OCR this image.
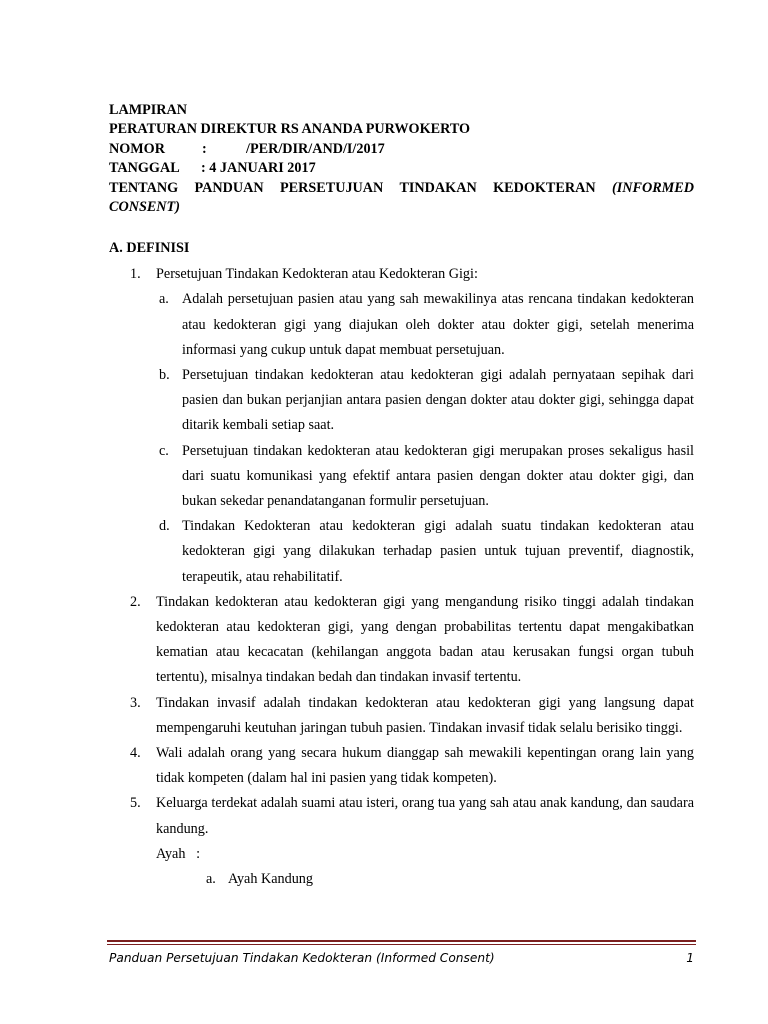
LAMPIRAN
PERATURAN DIREKTUR RS ANANDA PURWOKERTO
NOMOR	:	/PER/DIR/AND/I/2017
TANGGAL : 4 JANUARI 2017
TENTANG PANDUAN PERSETUJUAN TINDAKAN KEDOKTERAN (INFORMED CONSENT)
A. DEFINISI
1. Persetujuan Tindakan Kedokteran atau Kedokteran Gigi:
a. Adalah persetujuan pasien atau yang sah mewakilinya atas rencana tindakan kedokteran atau kedokteran gigi yang diajukan oleh dokter atau dokter gigi, setelah menerima informasi yang cukup untuk dapat membuat persetujuan.
b. Persetujuan tindakan kedokteran atau kedokteran gigi adalah pernyataan sepihak dari pasien dan bukan perjanjian antara pasien dengan dokter atau dokter gigi, sehingga dapat ditarik kembali setiap saat.
c. Persetujuan tindakan kedokteran atau kedokteran gigi merupakan proses sekaligus hasil dari suatu komunikasi yang efektif antara pasien dengan dokter atau dokter gigi, dan bukan sekedar penandatanganan formulir persetujuan.
d. Tindakan Kedokteran atau kedokteran gigi adalah suatu tindakan kedokteran atau kedokteran gigi yang dilakukan terhadap pasien untuk tujuan preventif, diagnostik, terapeutik, atau rehabilitatif.
2. Tindakan kedokteran atau kedokteran gigi yang mengandung risiko tinggi adalah tindakan kedokteran atau kedokteran gigi, yang dengan probabilitas tertentu dapat mengakibatkan kematian atau kecacatan (kehilangan anggota badan atau kerusakan fungsi organ tubuh tertentu), misalnya tindakan bedah dan tindakan invasif tertentu.
3. Tindakan invasif adalah tindakan kedokteran atau kedokteran gigi yang langsung dapat mempengaruhi keutuhan jaringan tubuh pasien. Tindakan invasif tidak selalu berisiko tinggi.
4. Wali adalah orang yang secara hukum dianggap sah mewakili kepentingan orang lain yang tidak kompeten (dalam hal ini pasien yang tidak kompeten).
5. Keluarga terdekat adalah suami atau isteri, orang tua yang sah atau anak kandung, dan saudara kandung.
Ayah   :
a. Ayah Kandung
Panduan Persetujuan Tindakan Kedokteran (Informed Consent)	1
